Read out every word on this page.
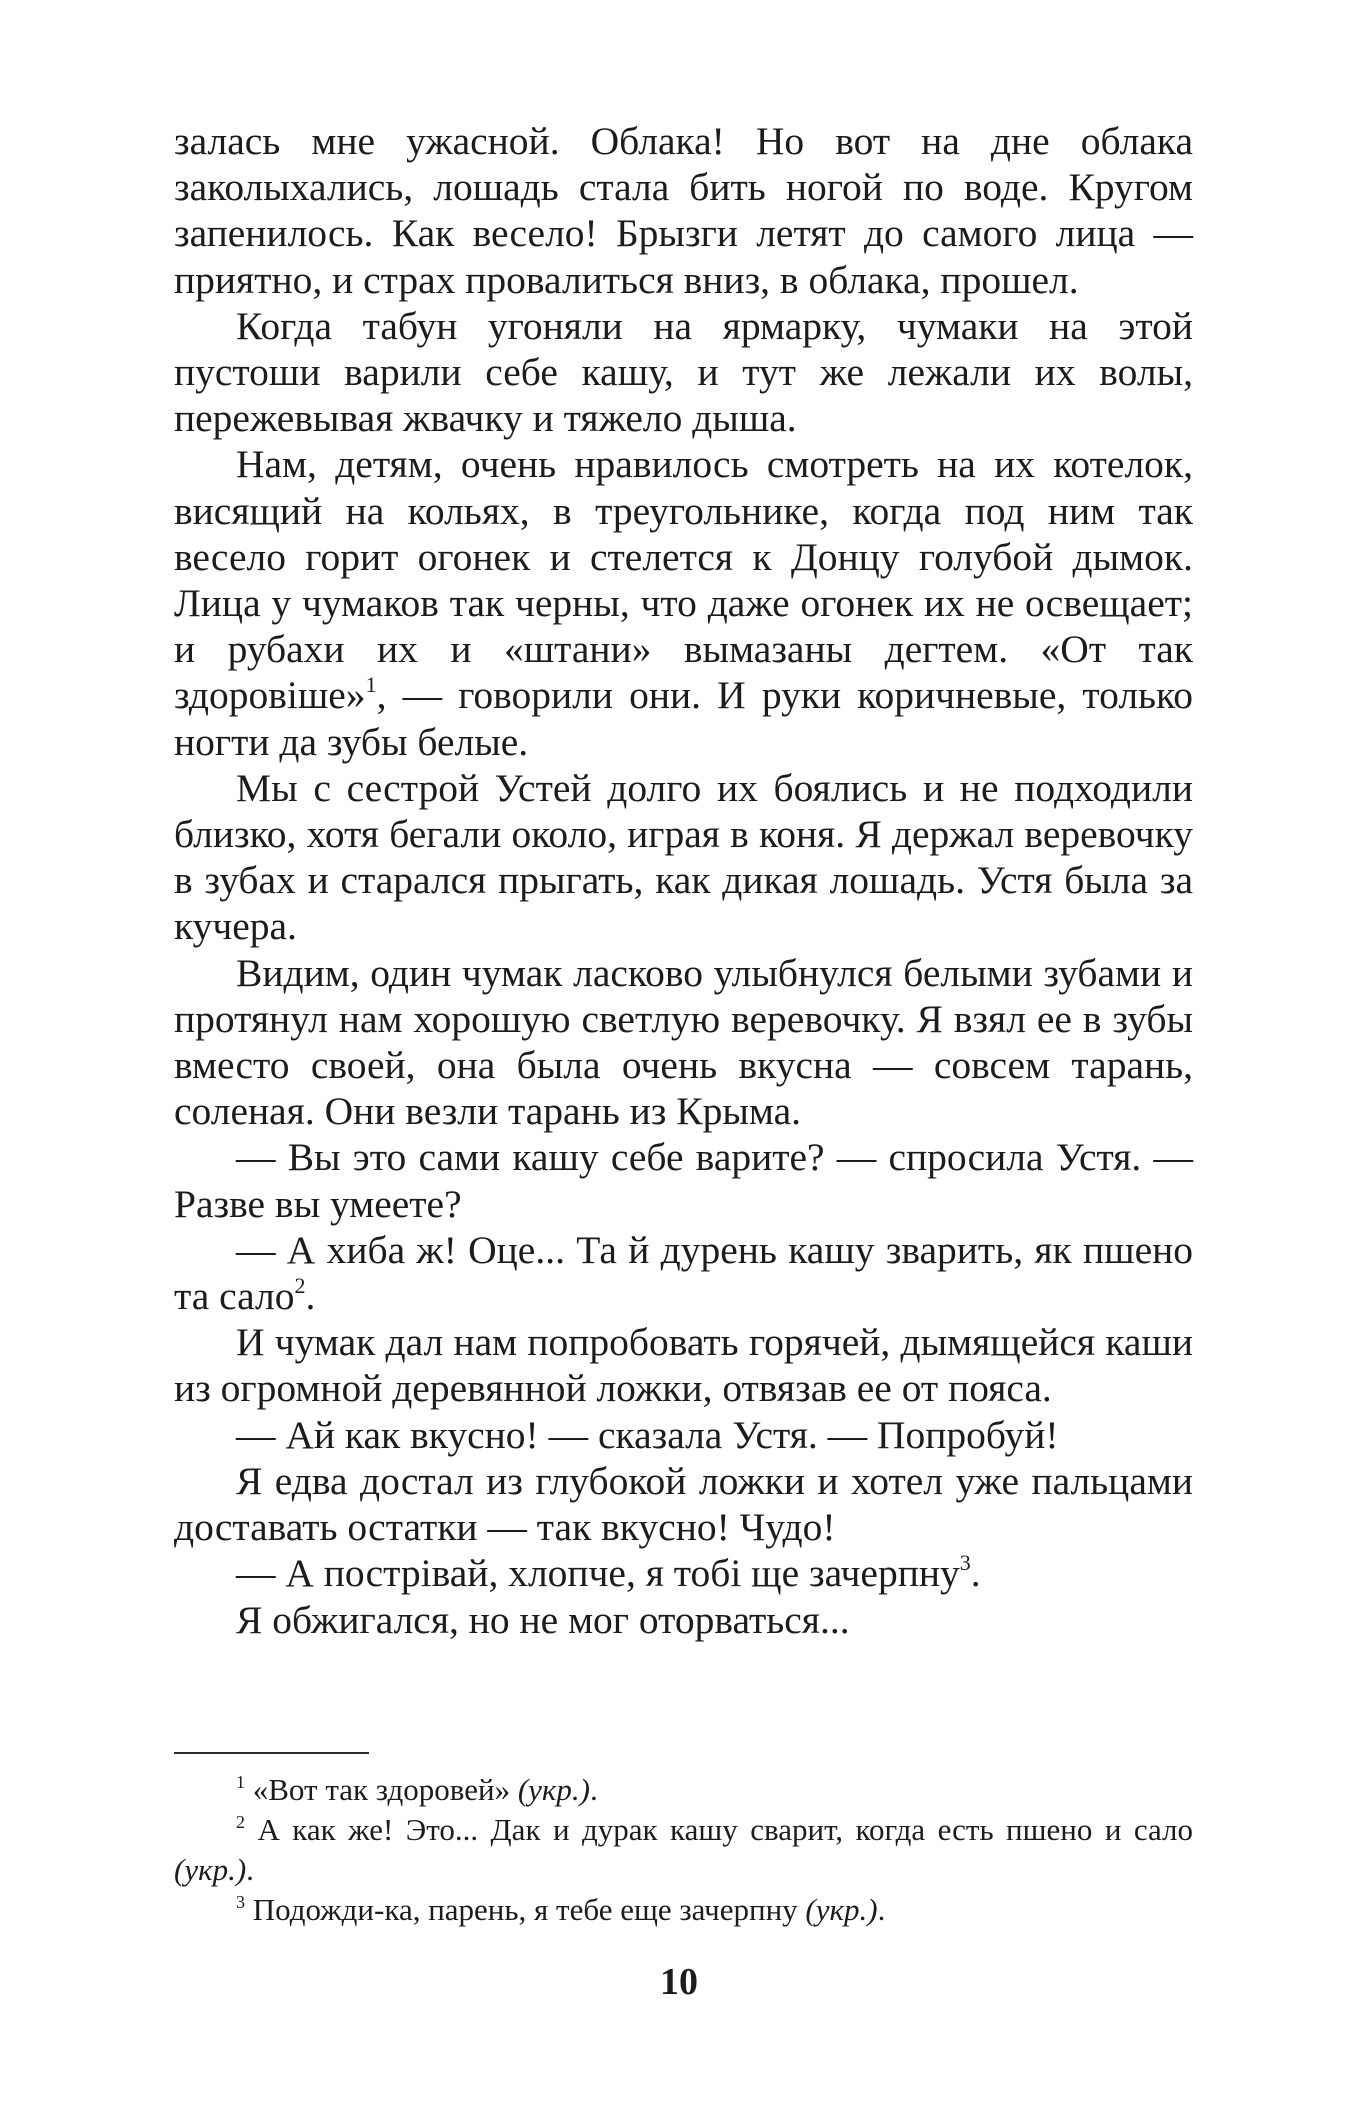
залась мне ужасной. Облака! Но вот на дне облака заколыхались, лошадь стала бить ногой по воде. Кругом запенилось. Как весело! Брызги летят до самого лица — приятно, и страх провалиться вниз, в облака, прошел.

Когда табун угоняли на ярмарку, чумаки на этой пустоши варили себе кашу, и тут же лежали их волы, пережевывая жвачку и тяжело дыша.

Нам, детям, очень нравилось смотреть на их котелок, висящий на кольях, в треугольнике, когда под ним так весело горит огонек и стелется к Донцу голубой дымок. Лица у чумаков так черны, что даже огонек их не освещает; и рубахи их и «штани» вымазаны дегтем. «От так здоровіше»$^1$, — говорили они. И руки коричневые, только ногти да зубы белые.

Мы с сестрой Устей долго их боялись и не подходили близко, хотя бегали около, играя в коня. Я держал веревочку в зубах и старался прыгать, как дикая лошадь. Устя была за кучера.

Видим, один чумак ласково улыбнулся белыми зубами и протянул нам хорошую светлую веревочку. Я взял ее в зубы вместо своей, она была очень вкусна — совсем тарань, соленая. Они везли тарань из Крыма.

— Вы это сами кашу себе варите? — спросила Устя. — Разве вы умеете?

— А хиба ж! Оце... Та й дурень кашу зварить, як пшено та сало$^2$.

И чумак дал нам попробовать горячей, дымящейся каши из огромной деревянной ложки, отвязав ее от пояса.

— Ай как вкусно! — сказала Устя. — Попробуй!

Я едва достал из глубокой ложки и хотел уже пальцами доставать остатки — так вкусно! Чудо!

— А пострівай, хлопче, я тобі ще зачерпну$^3$.

Я обжигался, но не мог оторваться...

$^1$ «Вот так здоровей» (укр.).

$^2$ А как же! Это... Дак и дурак кашу сварит, когда есть пшено и сало (укр.).

$^3$ Подожди-ка, парень, я тебе еще зачерпну (укр.).

10
